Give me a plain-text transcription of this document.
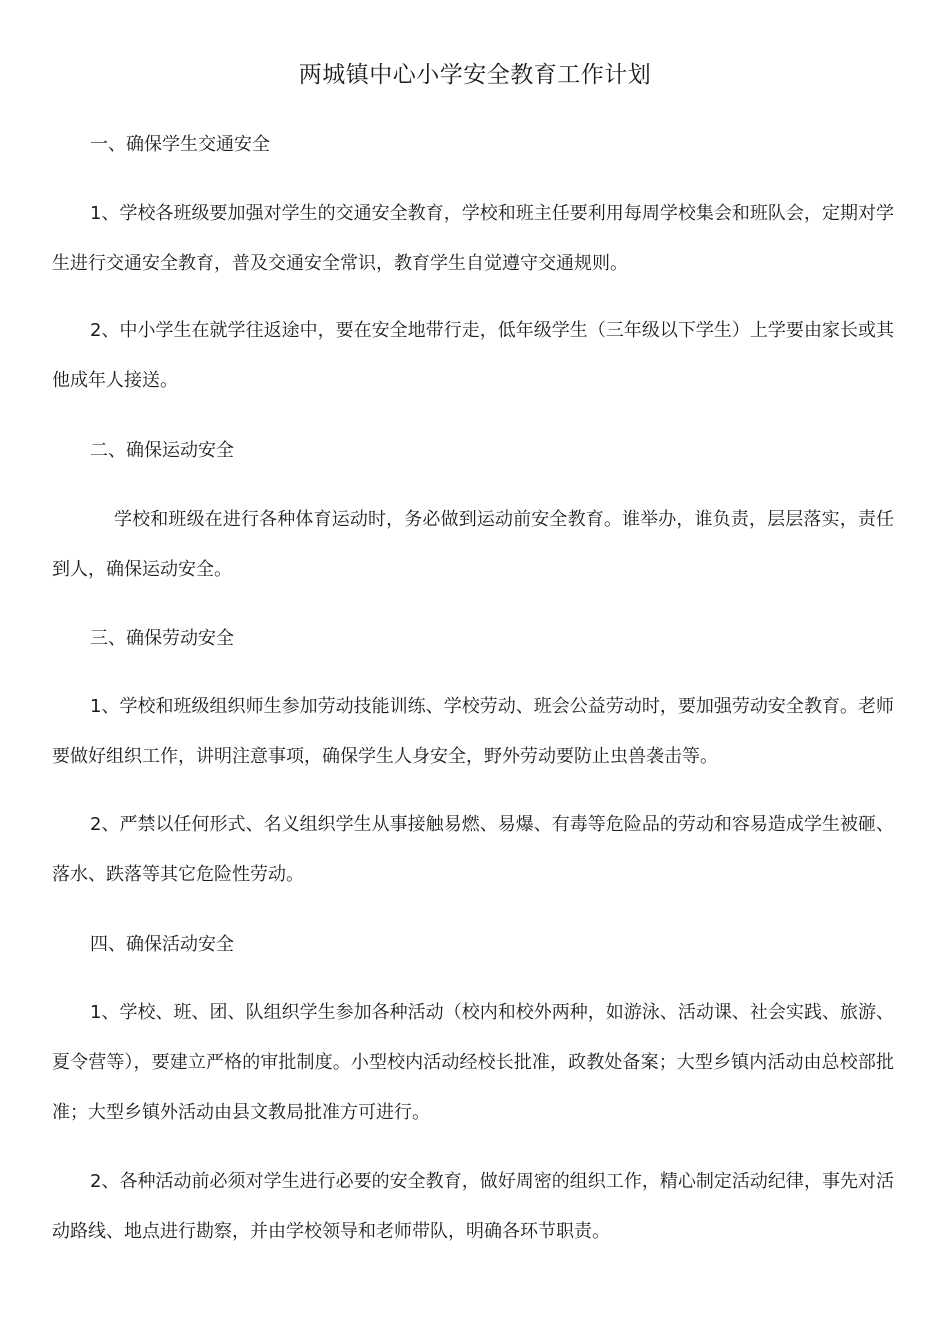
两城镇中心小学安全教育工作计划
一、确保学生交通安全

1、学校各班级要加强对学生的交通安全教育，学校和班主任要利用每周学校集会和班队会，定期对学生进行交通安全教育，普及交通安全常识，教育学生自觉遵守交通规则。

2、中小学生在就学往返途中，要在安全地带行走，低年级学生（三年级以下学生）上学要由家长或其他成年人接送。

二、确保运动安全

学校和班级在进行各种体育运动时，务必做到运动前安全教育。谁举办，谁负责，层层落实，责任到人，确保运动安全。

三、确保劳动安全

1、学校和班级组织师生参加劳动技能训练、学校劳动、班会公益劳动时，要加强劳动安全教育。老师要做好组织工作，讲明注意事项，确保学生人身安全，野外劳动要防止虫兽袭击等。

2、严禁以任何形式、名义组织学生从事接触易燃、易爆、有毒等危险品的劳动和容易造成学生被砸、落水、跌落等其它危险性劳动。

四、确保活动安全

1、学校、班、团、队组织学生参加各种活动（校内和校外两种，如游泳、活动课、社会实践、旅游、夏令营等），要建立严格的审批制度。小型校内活动经校长批准，政教处备案；大型乡镇内活动由总校部批准；大型乡镇外活动由县文教局批准方可进行。

2、各种活动前必须对学生进行必要的安全教育，做好周密的组织工作，精心制定活动纪律，事先对活动路线、地点进行勘察，并由学校领导和老师带队，明确各环节职责。
